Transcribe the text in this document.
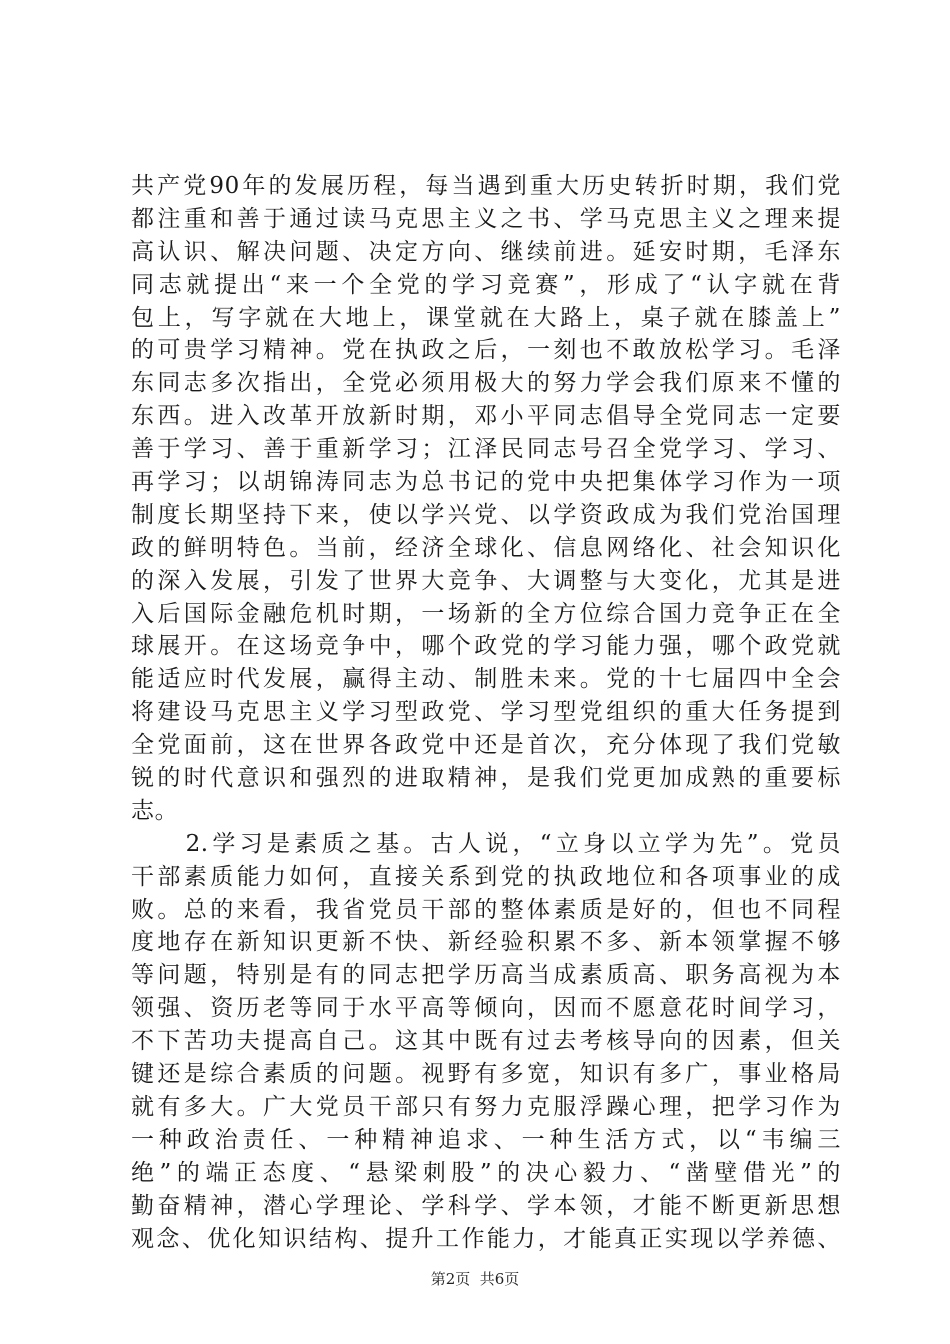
共产党90年的发展历程，每当遇到重大历史转折时期，我们党
都注重和善于通过读马克思主义之书、学马克思主义之理来提
高认识、解决问题、决定方向、继续前进。延安时期，毛泽东
同志就提出“来一个全党的学习竞赛”，形成了“认字就在背
包上，写字就在大地上，课堂就在大路上，桌子就在膝盖上”
的可贵学习精神。党在执政之后，一刻也不敢放松学习。毛泽
东同志多次指出，全党必须用极大的努力学会我们原来不懂的
东西。进入改革开放新时期，邓小平同志倡导全党同志一定要
善于学习、善于重新学习；江泽民同志号召全党学习、学习、
再学习；以胡锦涛同志为总书记的党中央把集体学习作为一项
制度长期坚持下来，使以学兴党、以学资政成为我们党治国理
政的鲜明特色。当前，经济全球化、信息网络化、社会知识化
的深入发展，引发了世界大竞争、大调整与大变化，尤其是进
入后国际金融危机时期，一场新的全方位综合国力竞争正在全
球展开。在这场竞争中，哪个政党的学习能力强，哪个政党就
能适应时代发展，赢得主动、制胜未来。党的十七届四中全会
将建设马克思主义学习型政党、学习型党组织的重大任务提到
全党面前，这在世界各政党中还是首次，充分体现了我们党敏
锐的时代意识和强烈的进取精神，是我们党更加成熟的重要标
志。
　　2.学习是素质之基。古人说，“立身以立学为先”。党员
干部素质能力如何，直接关系到党的执政地位和各项事业的成
败。总的来看，我省党员干部的整体素质是好的，但也不同程
度地存在新知识更新不快、新经验积累不多、新本领掌握不够
等问题，特别是有的同志把学历高当成素质高、职务高视为本
领强、资历老等同于水平高等倾向，因而不愿意花时间学习，
不下苦功夫提高自己。这其中既有过去考核导向的因素，但关
键还是综合素质的问题。视野有多宽，知识有多广，事业格局
就有多大。广大党员干部只有努力克服浮躁心理，把学习作为
一种政治责任、一种精神追求、一种生活方式，以“韦编三
绝”的端正态度、“悬梁刺股”的决心毅力、“凿壁借光”的
勤奋精神，潜心学理论、学科学、学本领，才能不断更新思想
观念、优化知识结构、提升工作能力，才能真正实现以学养德、
第2页  共6页
